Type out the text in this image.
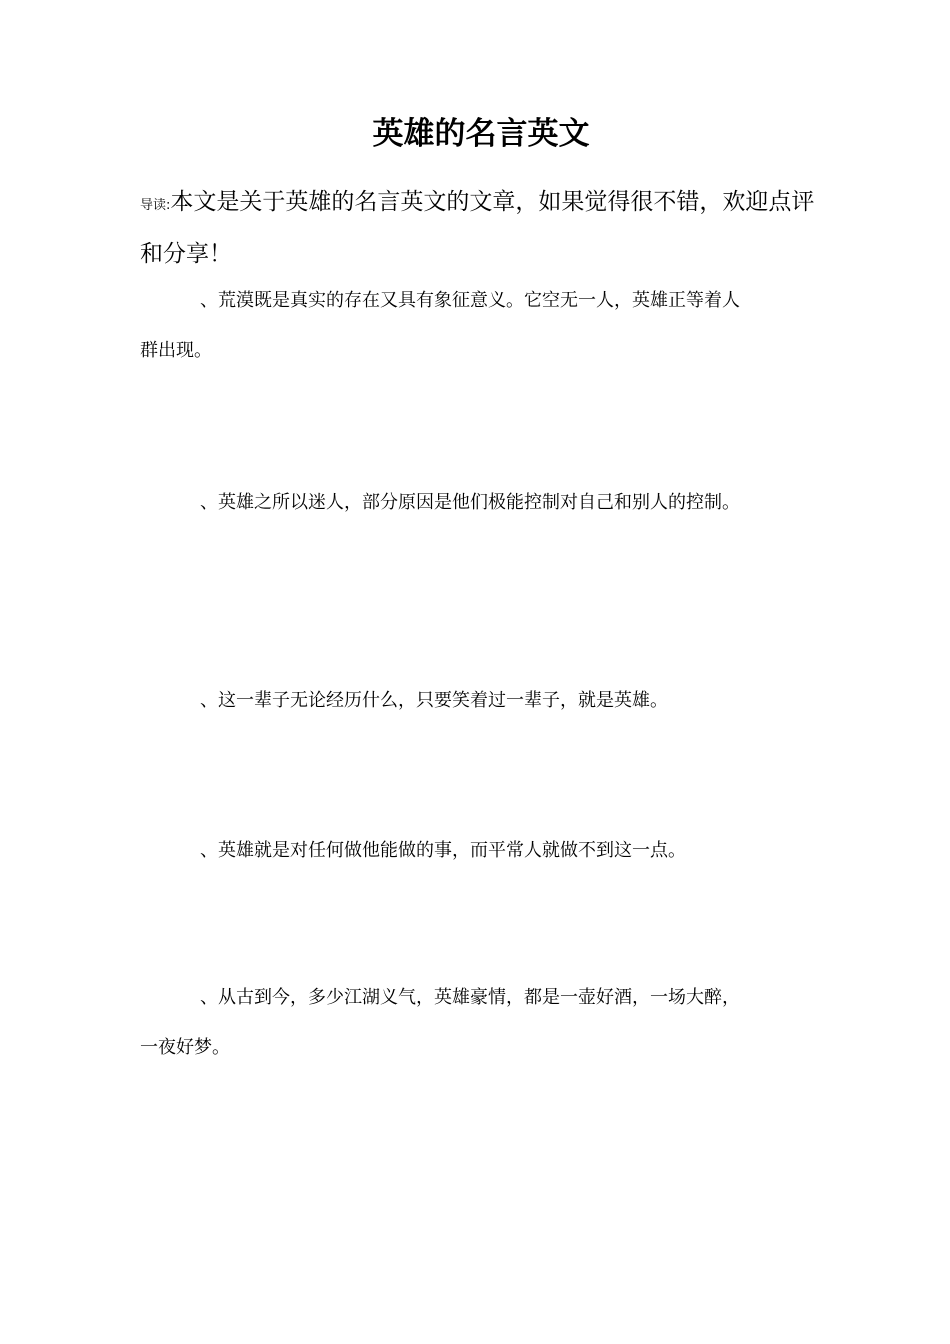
英雄的名言英文

导读:本文是关于英雄的名言英文的文章，如果觉得很不错，欢迎点评和分享！

、荒漠既是真实的存在又具有象征意义。它空无一人，英雄正等着人群出现。

、英雄之所以迷人，部分原因是他们极能控制对自己和别人的控制。

、这一辈子无论经历什么，只要笑着过一辈子，就是英雄。

、英雄就是对任何做他能做的事，而平常人就做不到这一点。

、从古到今，多少江湖义气，英雄豪情，都是一壶好酒，一场大醉，一夜好梦。
